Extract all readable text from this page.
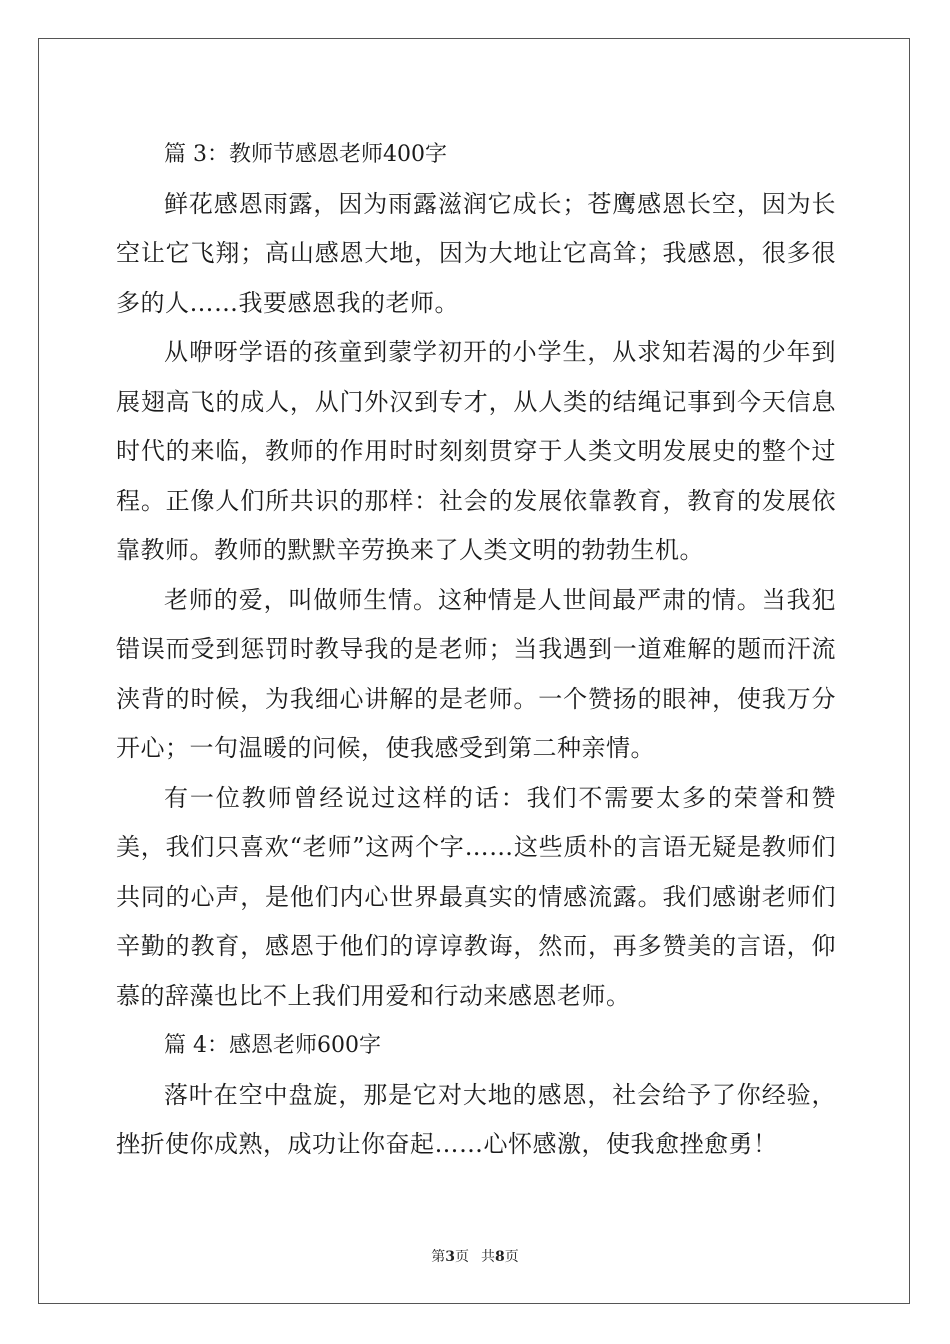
篇 3：教师节感恩老师400字

鲜花感恩雨露，因为雨露滋润它成长；苍鹰感恩长空，因为长空让它飞翔；高山感恩大地，因为大地让它高耸；我感恩，很多很多的人……我要感恩我的老师。

从咿呀学语的孩童到蒙学初开的小学生，从求知若渴的少年到展翅高飞的成人，从门外汉到专才，从人类的结绳记事到今天信息时代的来临，教师的作用时时刻刻贯穿于人类文明发展史的整个过程。正像人们所共识的那样：社会的发展依靠教育，教育的发展依靠教师。教师的默默辛劳换来了人类文明的勃勃生机。

老师的爱，叫做师生情。这种情是人世间最严肃的情。当我犯错误而受到惩罚时教导我的是老师；当我遇到一道难解的题而汗流浃背的时候，为我细心讲解的是老师。一个赞扬的眼神，使我万分开心；一句温暖的问候，使我感受到第二种亲情。

有一位教师曾经说过这样的话：我们不需要太多的荣誉和赞美，我们只喜欢“老师”这两个字……这些质朴的言语无疑是教师们共同的心声，是他们内心世界最真实的情感流露。我们感谢老师们辛勤的教育，感恩于他们的谆谆教诲，然而，再多赞美的言语，仰慕的辞藻也比不上我们用爱和行动来感恩老师。

篇 4：感恩老师600字

落叶在空中盘旋，那是它对大地的感恩，社会给予了你经验，挫折使你成熟，成功让你奋起……心怀感激，使我愈挫愈勇！

第3页 共8页
